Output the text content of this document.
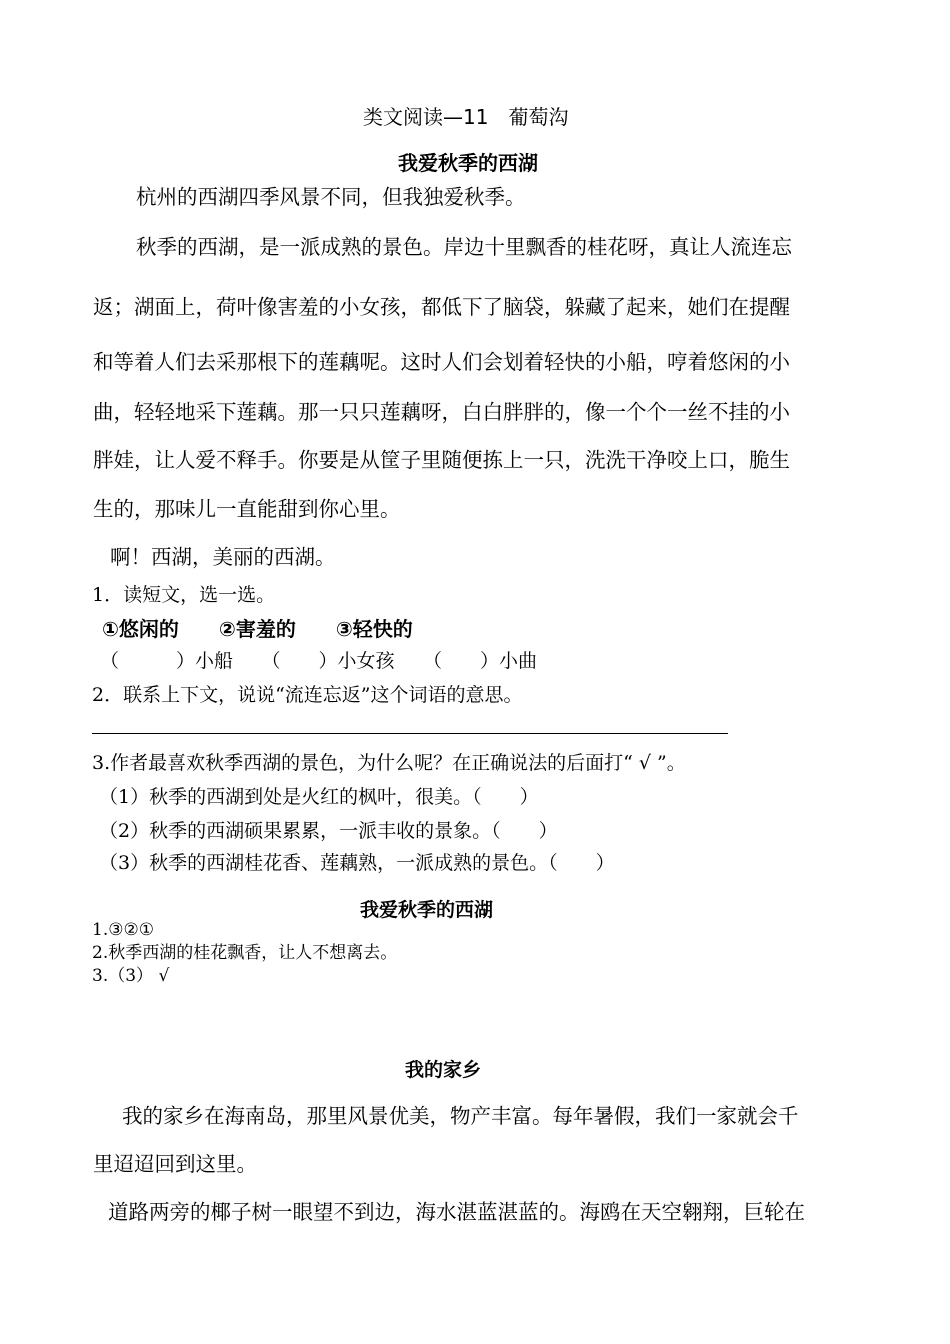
类文阅读—11　葡萄沟

我爱秋季的西湖

杭州的西湖四季风景不同，但我独爱秋季。

秋季的西湖，是一派成熟的景色。岸边十里飘香的桂花呀，真让人流连忘

返；湖面上，荷叶像害羞的小女孩，都低下了脑袋，躲藏了起来，她们在提醒

和等着人们去采那根下的莲藕呢。这时人们会划着轻快的小船，哼着悠闲的小

曲，轻轻地采下莲藕。那一只只莲藕呀，白白胖胖的，像一个个一丝不挂的小

胖娃，让人爱不释手。你要是从筐子里随便拣上一只，洗洗干净咬上口，脆生

生的，那味儿一直能甜到你心里。

啊！西湖，美丽的西湖。

1．读短文，选一选。

①悠闲的　　②害羞的　　③轻快的

（　　　）小船　　（　　）小女孩　　（　　）小曲

2．联系上下文，说说“流连忘返”这个词语的意思。

3.作者最喜欢秋季西湖的景色，为什么呢？在正确说法的后面打“ √ ”。

（1）秋季的西湖到处是火红的枫叶，很美。（　　）

（2）秋季的西湖硕果累累，一派丰收的景象。（　　）

（3）秋季的西湖桂花香、莲藕熟，一派成熟的景色。（　　）

我爱秋季的西湖

1.③②①

2.秋季西湖的桂花飘香，让人不想离去。

3.（3） √

我的家乡

我的家乡在海南岛，那里风景优美，物产丰富。每年暑假，我们一家就会千

里迢迢回到这里。

道路两旁的椰子树一眼望不到边，海水湛蓝湛蓝的。海鸥在天空翱翔，巨轮在
